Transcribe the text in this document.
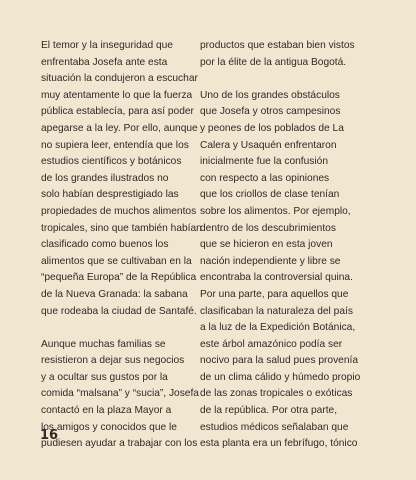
El temor y la inseguridad que
enfrentaba Josefa ante esta
situación la condujeron a escuchar
muy atentamente lo que la fuerza
pública establecía, para así poder
apegarse a la ley. Por ello, aunque
no supiera leer, entendía que los
estudios científicos y botánicos
de los grandes ilustrados no
solo habían desprestigiado las
propiedades de muchos alimentos
tropicales, sino que también habían
clasificado como buenos los
alimentos que se cultivaban en la
“pequeña Europa” de la República
de la Nueva Granada: la sabana
que rodeaba la ciudad de Santafé.
Aunque muchas familias se
resistieron a dejar sus negocios
y a ocultar sus gustos por la
comida “malsana” y “sucia”, Josefa
contactó en la plaza Mayor a
los amigos y conocidos que le
pudiesen ayudar a trabajar con los
productos que estaban bien vistos
por la élite de la antigua Bogotá.
Uno de los grandes obstáculos
que Josefa y otros campesinos
y peones de los poblados de La
Calera y Usaquén enfrentaron
inicialmente fue la confusión
con respecto a las opiniones
que los criollos de clase tenían
sobre los alimentos. Por ejemplo,
dentro de los descubrimientos
que se hicieron en esta joven
nación independiente y libre se
encontraba la controversial quina.
Por una parte, para aquellos que
clasificaban la naturaleza del país
a la luz de la Expedición Botánica,
este árbol amazónico podía ser
nocivo para la salud pues provenía
de un clima cálido y húmedo propio
de las zonas tropicales o exóticas
de la república. Por otra parte,
estudios médicos señalaban que
esta planta era un febrífugo, tónico
16
